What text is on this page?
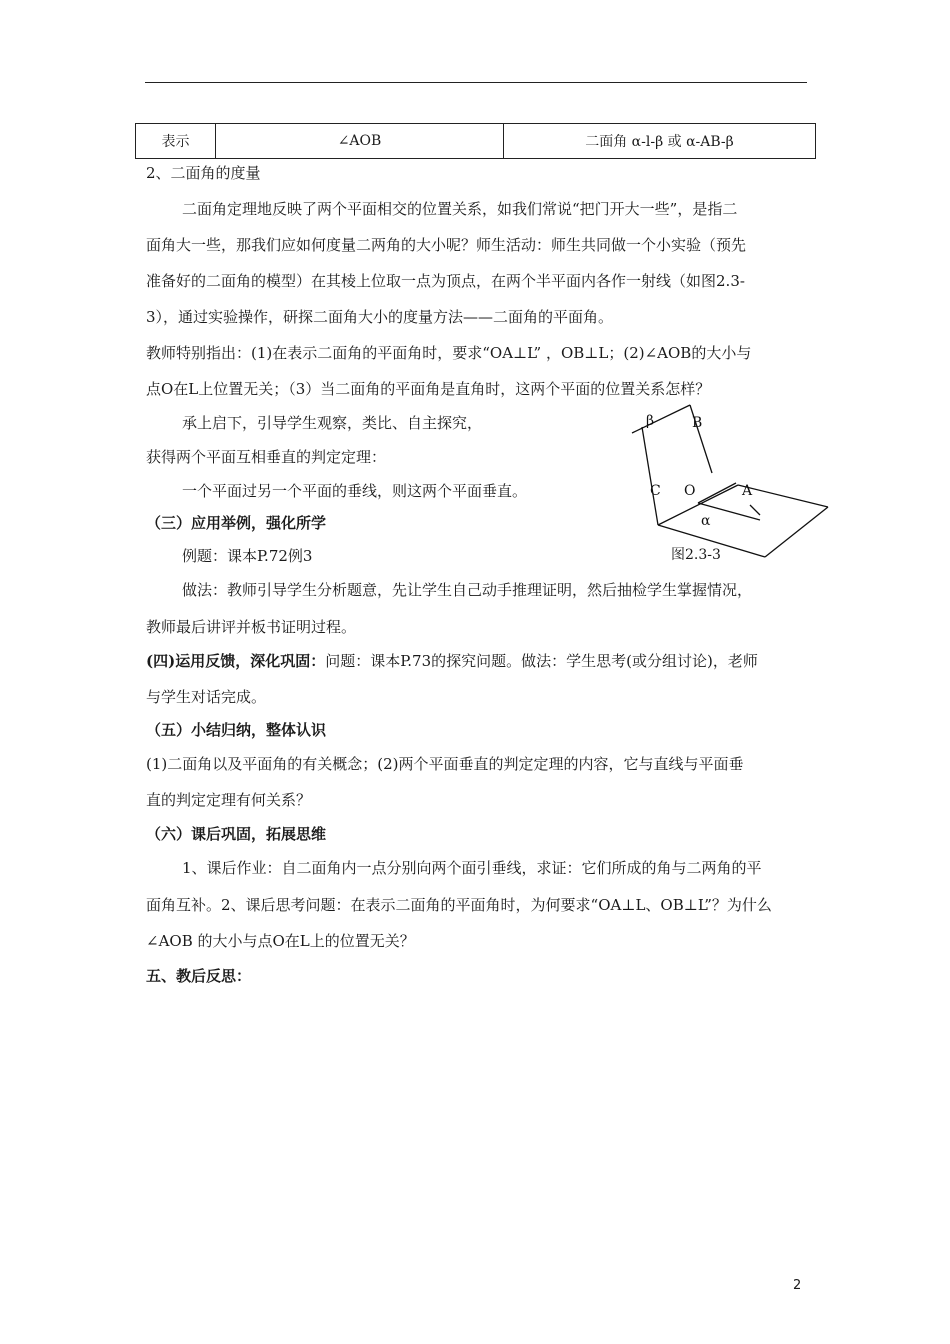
表示	∠AOB	二面角 α-l-β 或 α-AB-β
2、二面角的度量
二面角定理地反映了两个平面相交的位置关系，如我们常说“把门开大一些”，是指二
面角大一些，那我们应如何度量二两角的大小呢？师生活动：师生共同做一个小实验（预先
准备好的二面角的模型）在其棱上位取一点为顶点，在两个半平面内各作一射线（如图2.3-
3），通过实验操作，研探二面角大小的度量方法——二面角的平面角。
教师特别指出：(1)在表示二面角的平面角时，要求“OA⊥L” ，OB⊥L；(2)∠AOB的大小与
点O在L上位置无关；（3）当二面角的平面角是直角时，这两个平面的位置关系怎样？
承上启下，引导学生观察，类比、自主探究，
获得两个平面互相垂直的判定定理：
一个平面过另一个平面的垂线，则这两个平面垂直。
（三）应用举例，强化所学
例题：课本P.72例3
做法：教师引导学生分析题意，先让学生自己动手推理证明，然后抽检学生掌握情况，
教师最后讲评并板书证明过程。
(四)运用反馈，深化巩固：问题：课本P.73的探究问题。做法：学生思考(或分组讨论)，老师
与学生对话完成。
（五）小结归纳，整体认识
(1)二面角以及平面角的有关概念；(2)两个平面垂直的判定定理的内容，它与直线与平面垂
直的判定定理有何关系？
（六）课后巩固，拓展思维
1、课后作业：自二面角内一点分别向两个面引垂线，求证：它们所成的角与二两角的平
面角互补。2、课后思考问题：在表示二面角的平面角时，为何要求“OA⊥L、OB⊥L”？为什么
∠AOB 的大小与点O在L上的位置无关？
五、教后反思：
β	B
C O	A
α
图2.3-3
2
